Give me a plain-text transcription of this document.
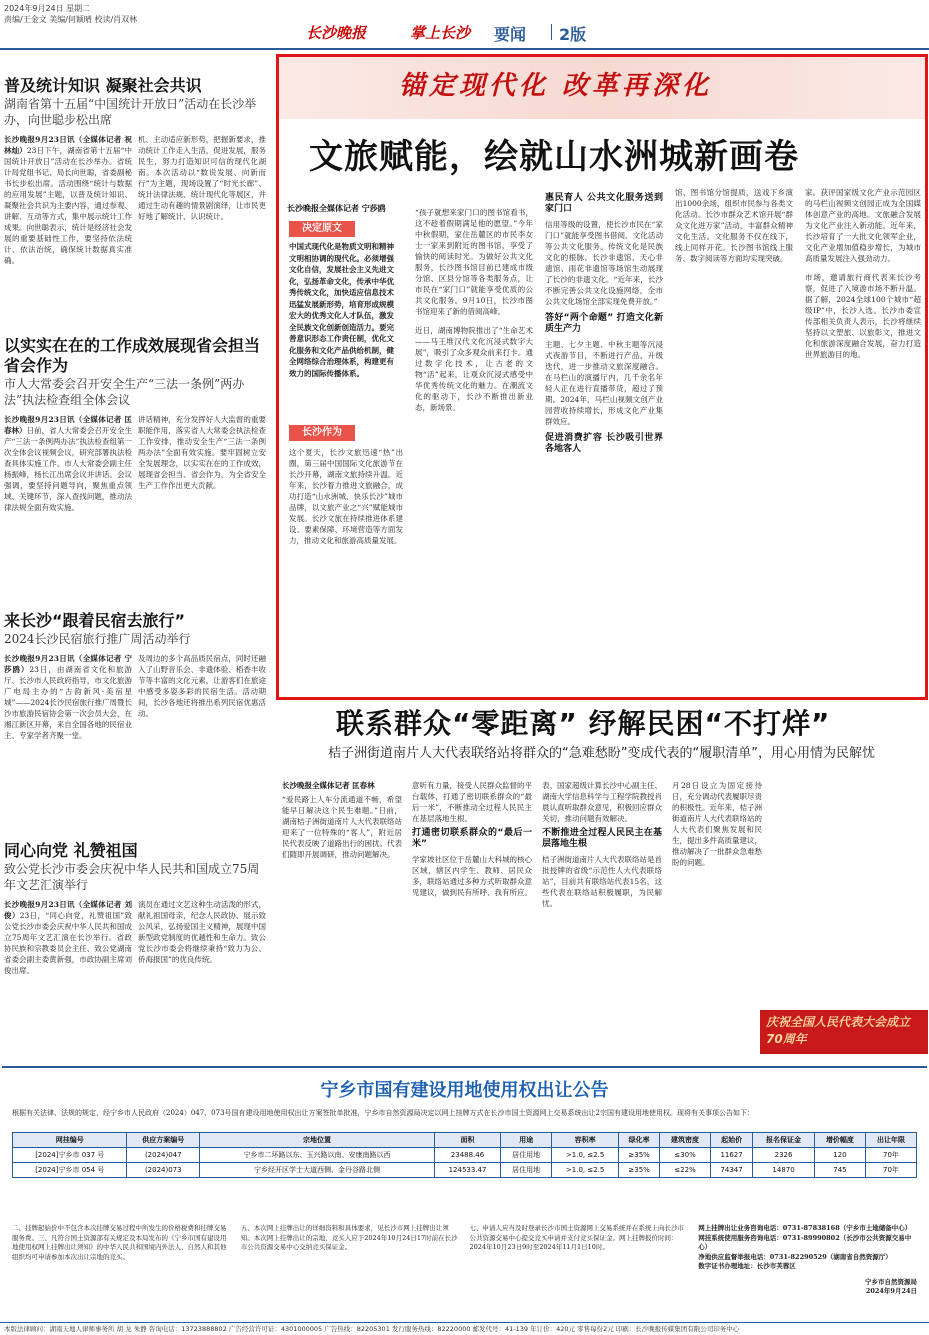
2024年9月24日 星期二
责编/王金文 美编/何颖晴 校读/肖双林
长沙晚报	掌上长沙 要闻 2版
普及统计知识 凝聚社会共识
湖南省第十五届“中国统计开放日”活动在长沙举办，向世聪步松出席

长沙晚报9月23日讯（全媒体记者 祝林灿）23日下午，湖南省第十五届“中国统计开放日”活动在长沙举办。省统计局党组书记、局长向世聪，省委副秘书长步松出席。活动围绕“统计与数据的应用发展”主题，以普及统计知识、凝聚社会共识为主要内容，通过参观、讲解、互动等方式，集中展示统计工作成果。向世聪表示，统计是经济社会发展的重要基础性工作，要坚持依法统计、依法治统，确保统计数据真实准确。

机、主动适应新形势，把握新要求，推动统计工作走入生活，促进发展，服务民生，努力打造知识可信的现代化湖南。本次活动以“数说发展、向新而行”为主题，现场设置了“时光长廊”、统计法律法规、统计现代化等展区，并通过生动有趣的情景剧演绎，让市民更好地了解统计、认识统计。

以实实在在的工作成效展现省会担当省会作为
市人大常委会召开安全生产“三法一条例”两办法”执法检查组全体会议

长沙晚报9月23日讯（全媒体记者 匡春林）日前，省人大常委会召开安全生产“三法一条例两办法”执法检查组第一次全体会议视频会议，研究部署执法检查具体实施工作。市人大常委会副主任杨振峰，杨长江出席会议并讲话。会议强调，要坚持问题导向，聚焦重点领域、关键环节，深入查找问题，推动法律法规全面有效实施。

讲话精神，充分发挥好人大监督的重要职能作用，落实省人大常委会执法检查工作安排，推动安全生产“三法一条例两办法”全面有效实施。要牢固树立安全发展理念，以实实在在的工作成效，展现省会担当、省会作为，为全省安全生产工作作出更大贡献。

来长沙“跟着民宿去旅行”
2024长沙民宿旅行推广周活动举行

长沙晚报9月23日讯（全媒体记者 宁莎鸥）23日，由湖南省文化和旅游厅、长沙市人民政府指导，市文化旅游广电局主办的“古韵新风·美宿星城”——2024长沙民宿旅行推广周暨长沙市旅游民宿协会第一次会员大会，在湘江新区开幕，来自全国各地的民宿业主、专家学者齐聚一堂。

及周边的多个高品质民宿点，同时还融入了山野音乐会、非遗体验、稻香丰收节等丰富的文化元素，让游客们在旅途中感受多姿多彩的民宿生活。活动期间，长沙各地还将推出系列民宿优惠活动。

同心向党 礼赞祖国
致公党长沙市委会庆祝中华人民共和国成立75周年文艺汇演举行

长沙晚报9月23日讯（全媒体记者 刘俊）23日，“同心向党，礼赞祖国”致公党长沙市委会庆祝中华人民共和国成立75周年文艺汇演在长沙举行。省政协民族和宗教委员会主任、致公党湖南省委会副主委黄新强，市政协副主席刘俊出席。

演员在通过文艺这种生动活泼的形式，献礼祖国母亲，纪念人民政协、展示致公风采，弘扬爱国主义精神，展现中国新型政党制度的优越性和生命力。致公党长沙市委会将继续秉持“致力为公、侨海报国”的优良传统。

锚定现代化 改革再深化
文旅赋能，绘就山水洲城新画卷
长沙晚报全媒体记者 宁莎鸥
决定原文
中国式现代化是物质文明和精神文明相协调的现代化。必须增强文化自信，发展社会主义先进文化，弘扬革命文化，传承中华优秀传统文化，加快适应信息技术迅猛发展新形势，培育形成规模宏大的优秀文化人才队伍，激发全民族文化创新创造活力。要完善意识形态工作责任制，优化文化服务和文化产品供给机制，健全网络综合治理体系，构建更有效力的国际传播体系。
长沙作为
这个夏天，长沙文旅迅速“热”出圈，第三届中国国际文化旅游节在长沙开幕，湖南文旅持续升温。近年来，长沙着力推进文旅融合，成功打造“山水洲城、快乐长沙”城市品牌，以文旅产业之“兴”赋能城市发展。长沙文旅在持续推进体系建设、要素保障、环境营造等方面发力，推动文化和旅游高质量发展。
“孩子就想来家门口的图书馆看书，这不趁着假期满足他的愿望。”今年中秋假期，家住岳麓区的市民李女士一家来到附近的图书馆，享受了愉快的阅读时光。为做好公共文化服务，长沙图书馆目前已建成市级分馆、区县分馆等各类服务点，让市民在“家门口”就能享受优质的公共文化服务。9月10日，长沙市图书馆迎来了新的借阅高峰。
近日，湖南博物院推出了“生命艺术——马王堆汉代文化沉浸式数字大展”，吸引了众多观众前来打卡。通过数字化技术，让古老的文物“活”起来，让观众沉浸式感受中华优秀传统文化的魅力。在潮流文化的驱动下，长沙不断推出新业态，新场景。
惠民育人 公共文化服务送到家门口
信用等级的设置，使长沙市民在“家门口”就能享受图书借阅、文化活动等公共文化服务。传统文化是民族文化的根脉。长沙非遗馆、天心非遗馆、雨花非遗馆等场馆生动展现了长沙的非遗文化。“近年来，长沙不断完善公共文化设施网络，全市公共文化场馆全部实现免费开放。”
答好“两个命题” 打造文化新质生产力
主题、七夕主题、中秋主题等沉浸式夜游节目，不断进行产品、升级迭代，进一步推动文旅深度融合。在马栏山的演播厅内，几千余名年轻人正在进行直播带货，超过了预期。2024年，马栏山视频文创产业园营收持续增长，形成文化产业集群效应。
促进消费扩容 长沙吸引世界各地客人
馆、图书馆分馆提质，送戏下乡演出1000余场，组织市民参与各类文化活动。长沙市群众艺术馆开展“群众文化进万家”活动，丰富群众精神文化生活。文化服务不仅在线下，线上同样开花。长沙图书馆线上服务、数字阅读等方面均实现突破。
家。获评国家级文化产业示范园区的马栏山视频文创园正成为全国媒体创意产业的高地。文旅融合发展为文化产业注入新动能。近年来，长沙培育了一大批文化领军企业，文化产业增加值稳步增长，为城市高质量发展注入强劲动力。
市场，邀请旅行商代表来长沙考察，促进了入境游市场不断升温。据了解，2024全球100个城市“超级IP”中，长沙入选。长沙市委宣传部相关负责人表示，长沙将继续坚持以文塑旅、以旅彰文，推进文化和旅游深度融合发展，奋力打造世界旅游目的地。
联系群众“零距离” 纾解民困“不打烊”
桔子洲街道南片人大代表联络站将群众的“急难愁盼”变成代表的“履职清单”，用心用情为民解忧
长沙晚报全媒体记者 匡春林
“爱民路上人车分流通道不畅，希望能早日解决这个民生难题。”日前，湖南桔子洲街道南片人大代表联络站迎来了一位特殊的“客人”，附近居民代表反映了道路出行的困扰。代表们随即开展调研，推动问题解决。
意听有力量，接受人民群众监督的平台载体，打通了密切联系群众的“最后一米”，不断推动全过程人民民主在基层落地生根。
打通密切联系群众的“最后一米”
学家坡社区位于岳麓山大科城的核心区域，辖区内学生、教师、居民众多，联络站通过多种方式听取群众意见建议，做到民有所呼、我有所应。
表、国家超级计算长沙中心副主任、湖南大学信息科学与工程学院教授肖晨认真听取群众意见，积极回应群众关切，推动问题有效解决。
不断推进全过程人民民主在基层落地生根
桔子洲街道南片人大代表联络站是首批授牌的省级“示范性人大代表联络站”，目前共有联络站代表15名，这些代表在联络站积极履职，为民解忧。
月28日设立为固定接待日，充分调动代表履职尽责的积极性。近年来，桔子洲街道南片人大代表联络站的人大代表们聚焦发展和民生，提出多件高质量建议，推动解决了一批群众急难愁盼的问题。
庆祝全国人民代表大会成立70周年
宁乡市国有建设用地使用权出让公告
根据有关法律、法规的规定，经宁乡市人民政府（2024）047、073号国有建设用地使用权出让方案签批单批准，宁乡市自然资源局决定以网上挂牌方式在长沙市国土资源网上交易系统出让2宗国有建设用地使用权。现将有关事项公告如下：
网挂编号	供应方案编号	宗地位置	面积	用途	容积率	绿化率	建筑密度	起始价	报名保证金	增价幅度	出让年限
[2024]宁乡市 037 号	(2024)047	宁乡市二环路以东、玉兴路以南、安康南路以西	23488.46	居住用地	>1.0, ≤2.5	≥35%	≤30%	11627	2326	120	70年
[2024]宁乡市 054 号	(2024)073	宁乡经开区学士大道西侧、金丹谷路北侧	124533.47	居住用地	>1.0, ≤2.5	≥35%	≤22%	74347	14870	745	70年
二、挂牌起始价中不包含本次挂牌交易过程中所发生的价格税费和挂牌交易服务费。三、凡符合国土资源部有关规定及本局发布的《宁乡市国有建设用地使用权网上挂牌出让须知》的中华人民共和国境内外法人、自然人和其他组织均可申请参加本次出让宗地的竞买。
五、本次网上挂牌出让的详细资料和具体要求，见长沙市网上挂牌出让须知。本次网上挂牌出让的宗地，竞买人应于2024年10月24日17时前在长沙市公共资源交易中心交纳竞买保证金。
七、申请人应当及时登录长沙市国土资源网上交易系统并在系统上向长沙市公共资源交易中心提交竞买申请并支付竞买保证金。网上挂牌报价时间：2024年10月23日9时至2024年11月1日10时。
网上挂牌出让业务咨询电话：0731-87838168（宁乡市土地储备中心）
网挂系统使用服务咨询电话：0731-89990802（长沙市公共资源交易中心）
净地供应监督举报电话：0731-82290529（湖南省自然资源厅）
数字证书办理地址：长沙市芙蓉区
宁乡市自然资源局
2024年9月24日
本版法律顾问：湖南天地人律师事务所 胡 龙 朱静 咨询电话：13723888802 广告经营许可证：4301000005 广告热线：82205301 发行服务热线：82220000 邮发代号：41-139 年订价：420元 零售每份2元 印刷：长沙晚报传媒集团有限公司印务中心
